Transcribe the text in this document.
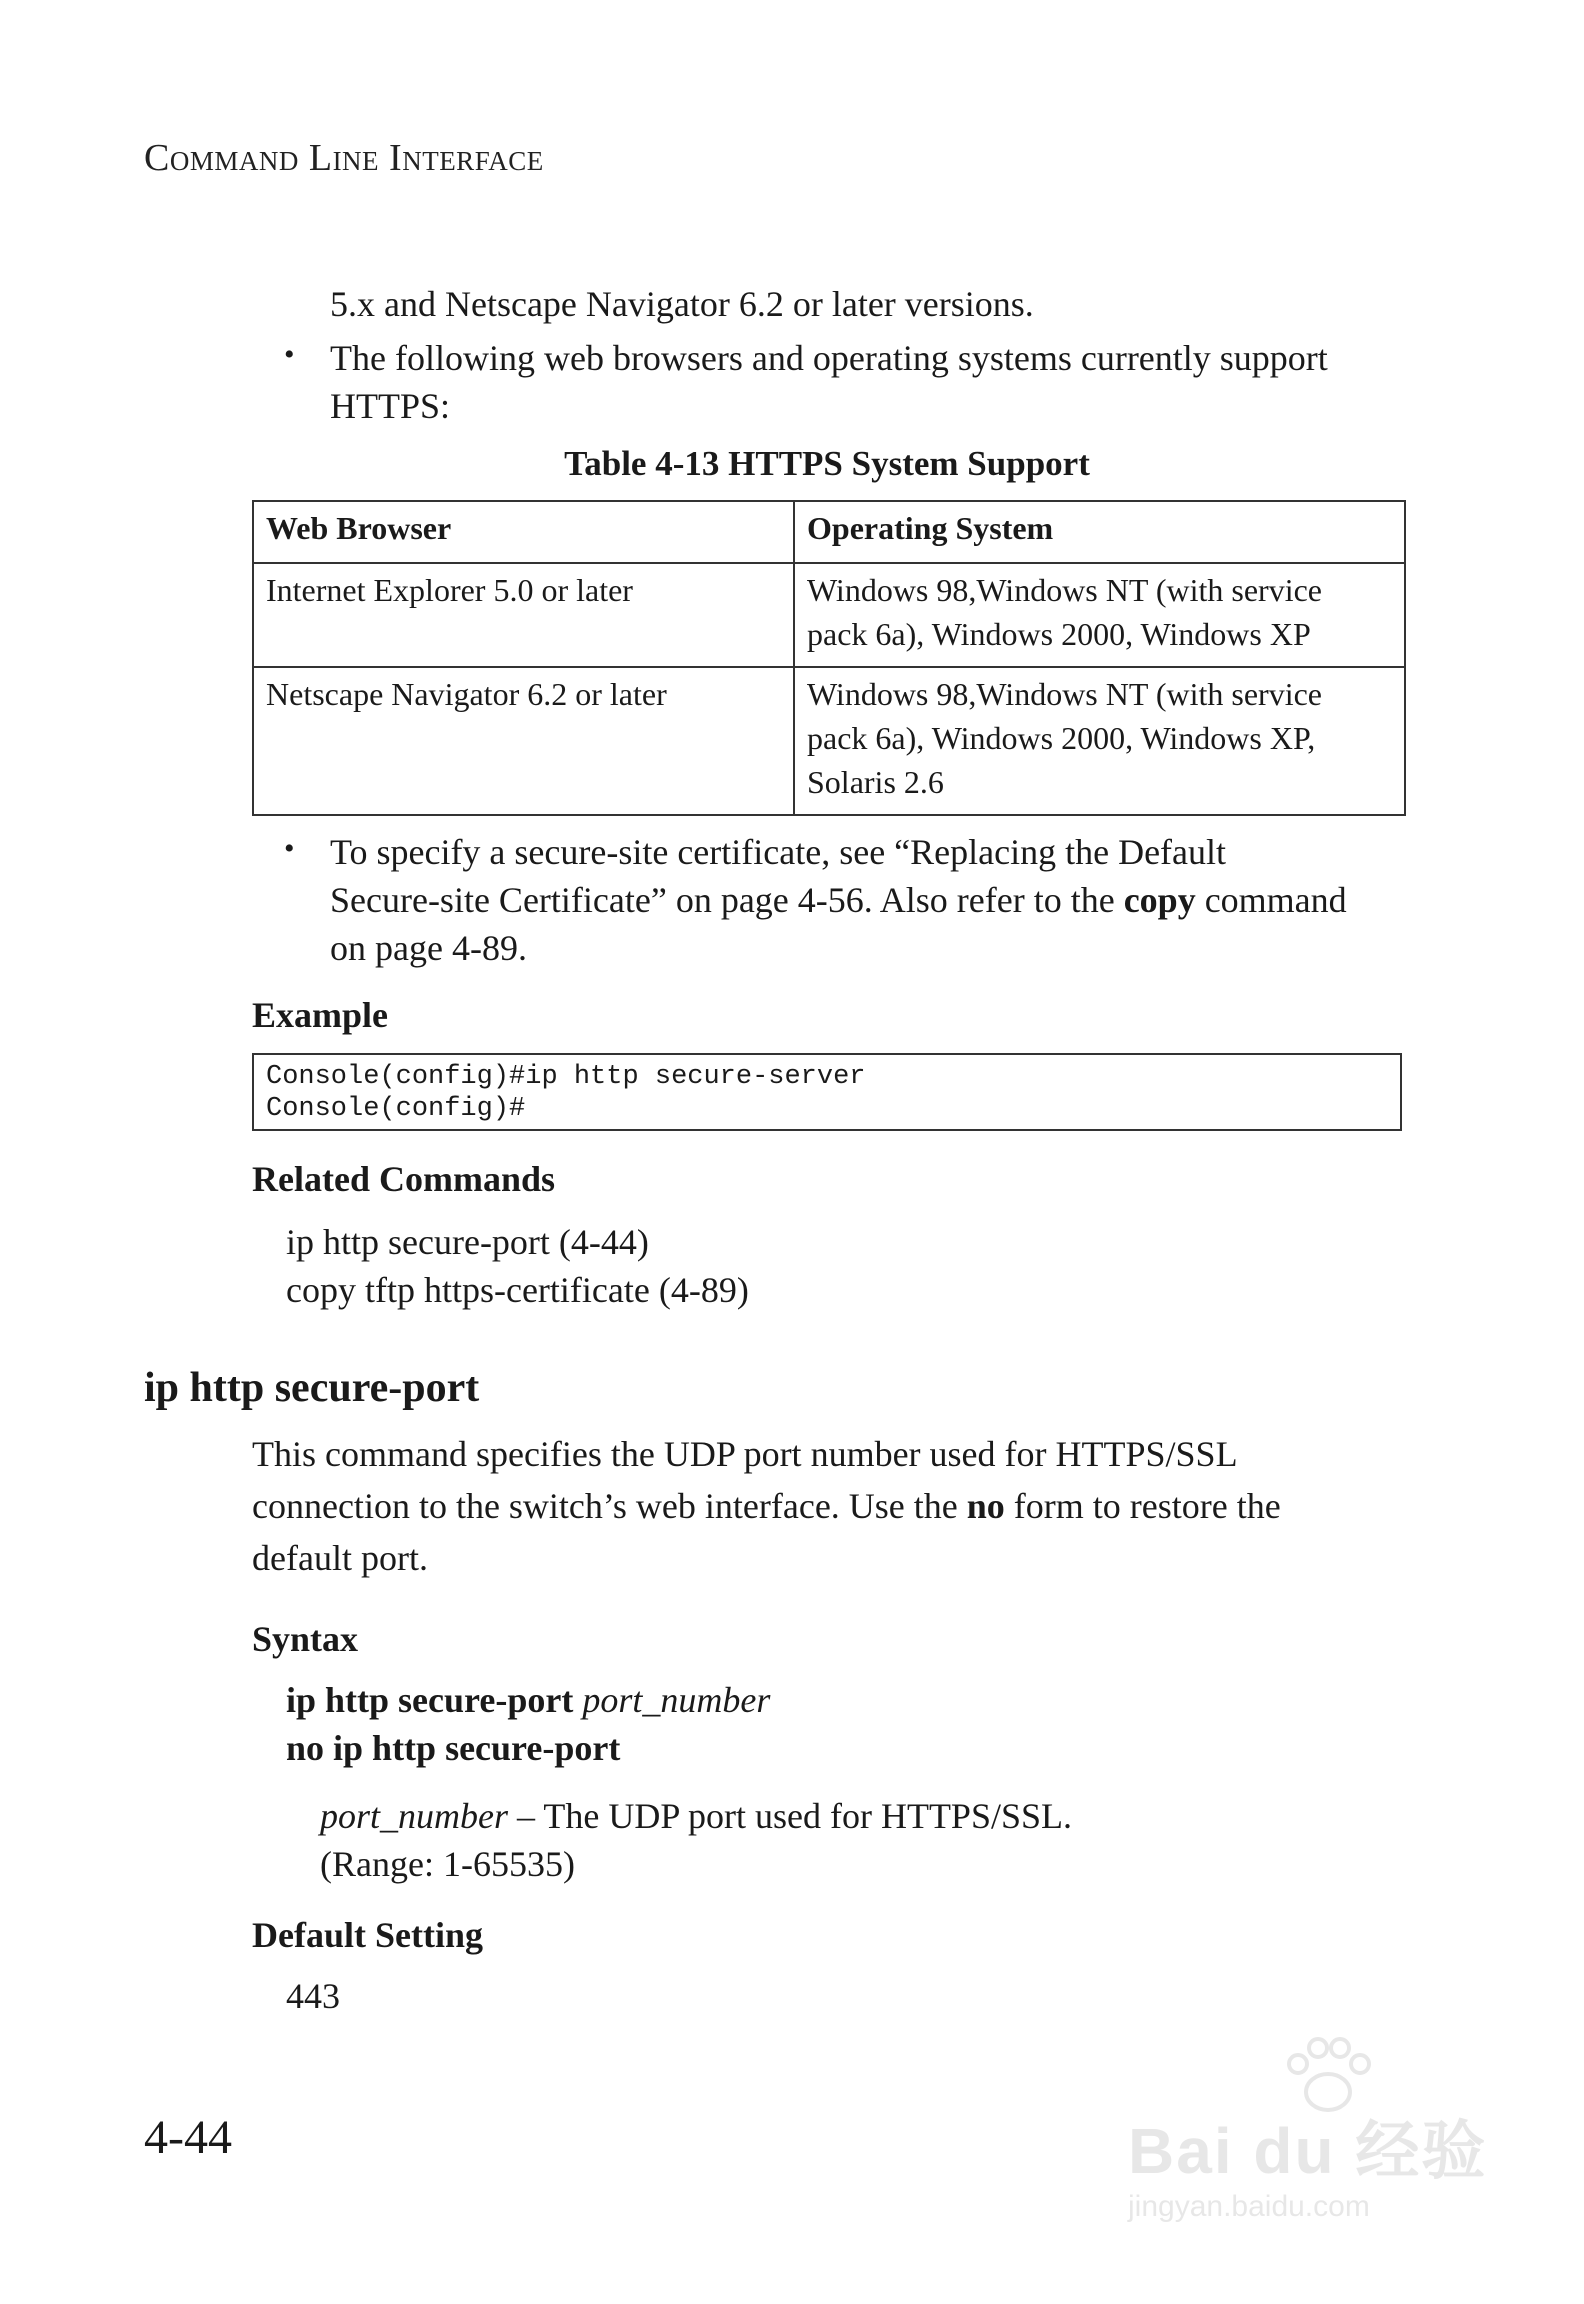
Command Line Interface
5.x and Netscape Navigator 6.2 or later versions.
• The following web browsers and operating systems currently support
HTTPS:
Table 4-13 HTTPS System Support
Web Browser	Operating System
Internet Explorer 5.0 or later	Windows 98,Windows NT (with service
pack 6a), Windows 2000, Windows XP

Netscape Navigator 6.2 or later	Windows 98,Windows NT (with service
pack 6a), Windows 2000, Windows XP,
Solaris 2.6
• To specify a secure-site certificate, see “Replacing the Default
Secure-site Certificate” on page 4-56. Also refer to the copy command
on page 4-89.
Example
Console(config)#ip http secure-server
Console(config)#
Related Commands
ip http secure-port (4-44)
copy tftp https-certificate (4-89)
ip http secure-port
This command specifies the UDP port number used for HTTPS/SSL
connection to the switch’s web interface. Use the no form to restore the
default port.
Syntax
ip http secure-port port_number
no ip http secure-port
port_number – The UDP port used for HTTPS/SSL.
(Range: 1-65535)
Default Setting
443
4-44	Bai du 经验
jingyan.baidu.com
